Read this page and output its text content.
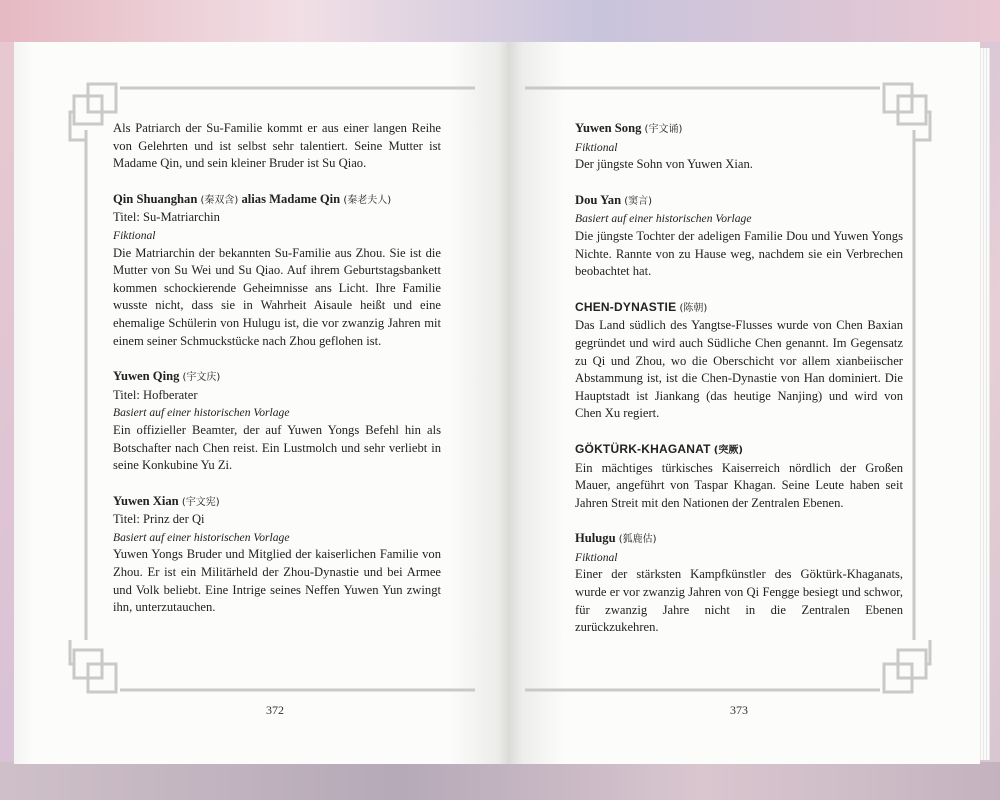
Als Patriarch der Su-Familie kommt er aus einer langen Reihe von Gelehrten und ist selbst sehr talentiert. Seine Mutter ist Madame Qin, und sein kleiner Bruder ist Su Qiao.

Qin Shuanghan (秦双含) alias Madame Qin (秦老夫人)
Titel: Su-Matriarchin
Fiktional

Die Matriarchin der bekannten Su-Familie aus Zhou. Sie ist die Mutter von Su Wei und Su Qiao. Auf ihrem Geburtstagsbankett kommen schockierende Geheimnisse ans Licht. Ihre Familie wusste nicht, dass sie in Wahrheit Aisaule heißt und eine ehemalige Schülerin von Hulugu ist, die vor zwanzig Jahren mit einem seiner Schmuckstücke nach Zhou geflohen ist.

Yuwen Qing (宇文庆)
Titel: Hofberater
Basiert auf einer historischen Vorlage

Ein offizieller Beamter, der auf Yuwen Yongs Befehl hin als Botschafter nach Chen reist. Ein Lustmolch und sehr verliebt in seine Konkubine Yu Zi.

Yuwen Xian (宇文宪)
Titel: Prinz der Qi
Basiert auf einer historischen Vorlage

Yuwen Yongs Bruder und Mitglied der kaiserlichen Familie von Zhou. Er ist ein Militärheld der Zhou-Dynastie und bei Armee und Volk beliebt. Eine Intrige seines Neffen Yuwen Yun zwingt ihn, unterzutauchen.

Yuwen Song (宇文诵)
Fiktional

Der jüngste Sohn von Yuwen Xian.

Dou Yan (窦言)
Basiert auf einer historischen Vorlage

Die jüngste Tochter der adeligen Familie Dou und Yuwen Yongs Nichte. Rannte von zu Hause weg, nachdem sie ein Verbrechen beobachtet hat.

CHEN-DYNASTIE (陈朝)

Das Land südlich des Yangtse-Flusses wurde von Chen Baxian gegründet und wird auch Südliche Chen genannt. Im Gegensatz zu Qi und Zhou, wo die Oberschicht vor allem xianbeiischer Abstammung ist, ist die Chen-Dynastie von Han dominiert. Die Hauptstadt ist Jiankang (das heutige Nanjing) und wird von Chen Xu regiert.

GÖKTÜRK-KHAGANAT (突厥)

Ein mächtiges türkisches Kaiserreich nördlich der Großen Mauer, angeführt von Taspar Khagan. Seine Leute haben seit Jahren Streit mit den Nationen der Zentralen Ebenen.

Hulugu (狐鹿估)
Fiktional

Einer der stärksten Kampfkünstler des Göktürk-Khaganats, wurde er vor zwanzig Jahren von Qi Fengge besiegt und schwor, für zwanzig Jahre nicht in die Zentralen Ebenen zurückzukehren.

372	373
